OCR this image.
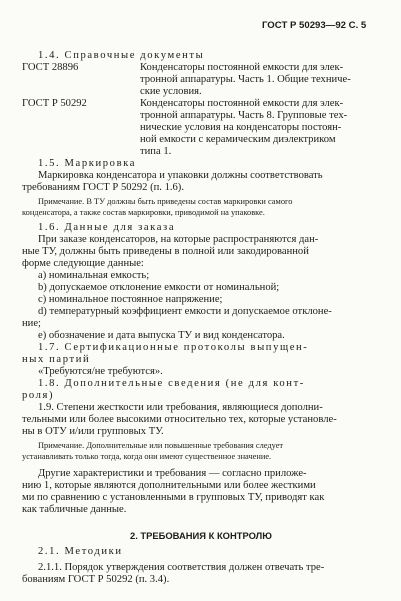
ГОСТ Р 50293—92 С. 5
1.4. Справочные документы
ГОСТ 28896	Конденсаторы постоянной емкости для элек-
тронной аппаратуры. Часть 1. Общие техниче-
ские условия.
ГОСТ Р 50292	Конденсаторы постоянной емкости для элек-
тронной аппаратуры. Часть 8. Групповые тех-
нические условия на конденсаторы постоян-
ной емкости с керамическим диэлектриком
типа 1.
1.5. Маркировка
Маркировка конденсатора и упаковки должны соответствовать
требованиям ГОСТ Р 50292 (п. 1.6).
Примечание. В ТУ должны быть приведены состав маркировки самого
конденсатора, а также состав маркировки, приводимой на упаковке.
1.6. Данные для заказа
При заказе конденсаторов, на которые распространяются дан-
ные ТУ, должны быть приведены в полной или закодированной
форме следующие данные:
а) номинальная емкость;
b) допускаемое отклонение емкости от номинальной;
c) номинальное постоянное напряжение;
d) температурный коэффициент емкости и допускаемое отклоне-
ние;
e) обозначение и дата выпуска ТУ и вид конденсатора.
1.7. Сертификационные протоколы выпущен-
ных партий
«Требуются/не требуются».
1.8. Дополнительные сведения (не для конт-
роля)
1.9. Степени жесткости или требования, являющиеся дополни-
тельными или более высокими относительно тех, которые установле-
ны в ОТУ и/или групповых ТУ.
Примечание. Дополнительные или повышенные требования следует
устанавливать только тогда, когда они имеют существенное значение.
Другие характеристики и требования — согласно приложе-
нию 1, которые являются дополнительными или более жесткими
ми по сравнению с установленными в групповых ТУ, приводят как
как табличные данные.
2. ТРЕБОВАНИЯ К КОНТРОЛЮ
2.1. Методики
2.1.1. Порядок утверждения соответствия должен отвечать тре-
бованиям ГОСТ Р 50292 (п. 3.4).
